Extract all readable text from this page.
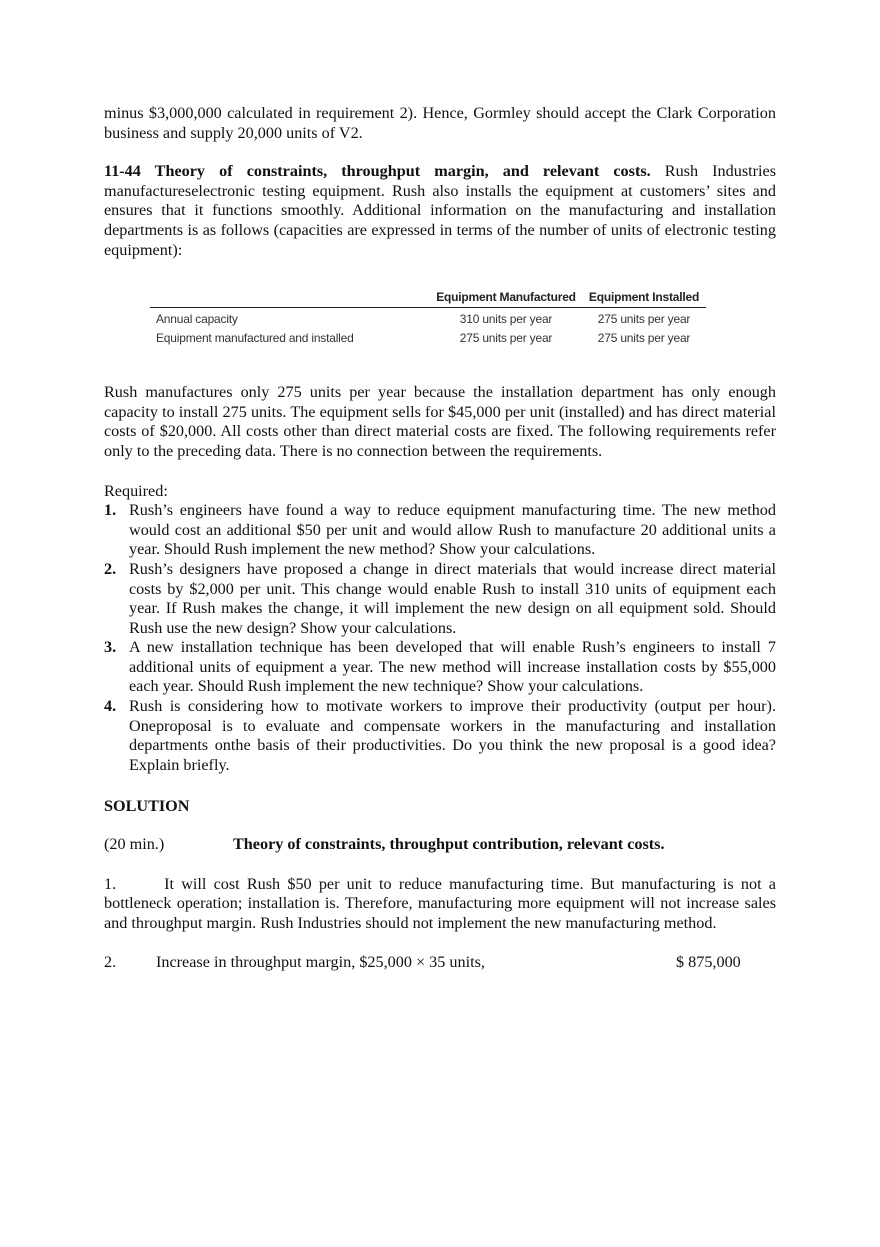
minus $3,000,000 calculated in requirement 2). Hence, Gormley should accept the Clark Corporation business and supply 20,000 units of V2.

11-44 Theory of constraints, throughput margin, and relevant costs. Rush Industries manufactureselectronic testing equipment. Rush also installs the equipment at customers’ sites and ensures that it functions smoothly. Additional information on the manufacturing and installation departments is as follows (capacities are expressed in terms of the number of units of electronic testing equipment):

	Equipment Manufactured	Equipment Installed
Annual capacity	310 units per year	275 units per year
Equipment manufactured and installed	275 units per year	275 units per year

Rush manufactures only 275 units per year because the installation department has only enough capacity to install 275 units. The equipment sells for $45,000 per unit (installed) and has direct material costs of $20,000. All costs other than direct material costs are fixed. The following requirements refer only to the preceding data. There is no connection between the requirements.

Required:

1. Rush’s engineers have found a way to reduce equipment manufacturing time. The new method would cost an additional $50 per unit and would allow Rush to manufacture 20 additional units a year. Should Rush implement the new method? Show your calculations.
2. Rush’s designers have proposed a change in direct materials that would increase direct material costs by $2,000 per unit. This change would enable Rush to install 310 units of equipment each year. If Rush makes the change, it will implement the new design on all equipment sold. Should Rush use the new design? Show your calculations.
3. A new installation technique has been developed that will enable Rush’s engineers to install 7 additional units of equipment a year. The new method will increase installation costs by $55,000 each year. Should Rush implement the new technique? Show your calculations.
4. Rush is considering how to motivate workers to improve their productivity (output per hour). Oneproposal is to evaluate and compensate workers in the manufacturing and installation departments onthe basis of their productivities. Do you think the new proposal is a good idea? Explain briefly.

SOLUTION

(20 min.)	Theory of constraints, throughput contribution, relevant costs.

1.	It will cost Rush $50 per unit to reduce manufacturing time. But manufacturing is not a bottleneck operation; installation is. Therefore, manufacturing more equipment will not increase sales and throughput margin. Rush Industries should not implement the new manufacturing method.

2.	Increase in throughput margin, $25,000 × 35 units,	$ 875,000
